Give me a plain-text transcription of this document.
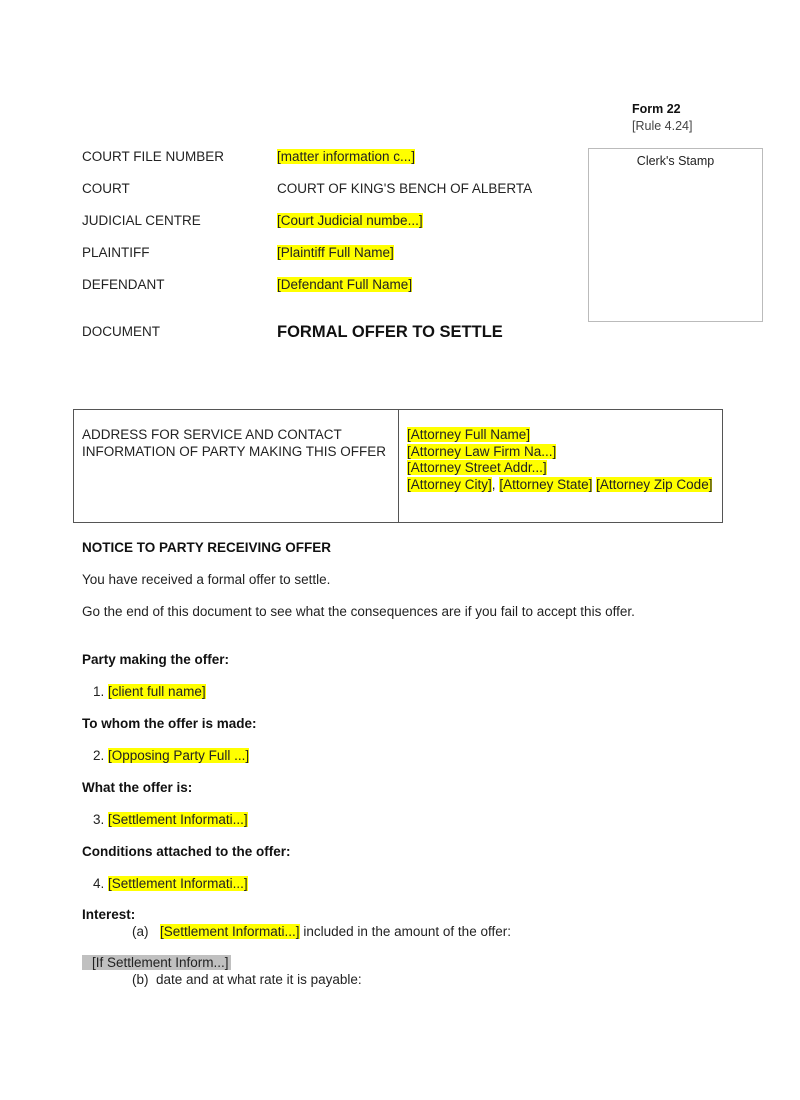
Form 22
[Rule 4.24]
Clerk's Stamp
COURT FILE NUMBER	[matter information c...]
COURT	COURT OF KING'S BENCH OF ALBERTA
JUDICIAL CENTRE	[Court Judicial numbe...]
PLAINTIFF	[Plaintiff Full Name]
DEFENDANT	[Defendant Full Name]
DOCUMENT	FORMAL OFFER TO SETTLE
ADDRESS FOR SERVICE AND CONTACT INFORMATION OF PARTY MAKING THIS OFFER
[Attorney Full Name]
[Attorney Law Firm Na...]
[Attorney Street Addr...]
[Attorney City], [Attorney State] [Attorney Zip Code]
NOTICE TO PARTY RECEIVING OFFER
You have received a formal offer to settle.
Go the end of this document to see what the consequences are if you fail to accept this offer.
Party making the offer:
1. [client full name]
To whom the offer is made:
2. [Opposing Party Full ...]
What the offer is:
3. [Settlement Informati...]
Conditions attached to the offer:
4. [Settlement Informati...]
Interest:
(a) [Settlement Informati...] included in the amount of the offer:
[If Settlement Inform...]
(b) date and at what rate it is payable:
